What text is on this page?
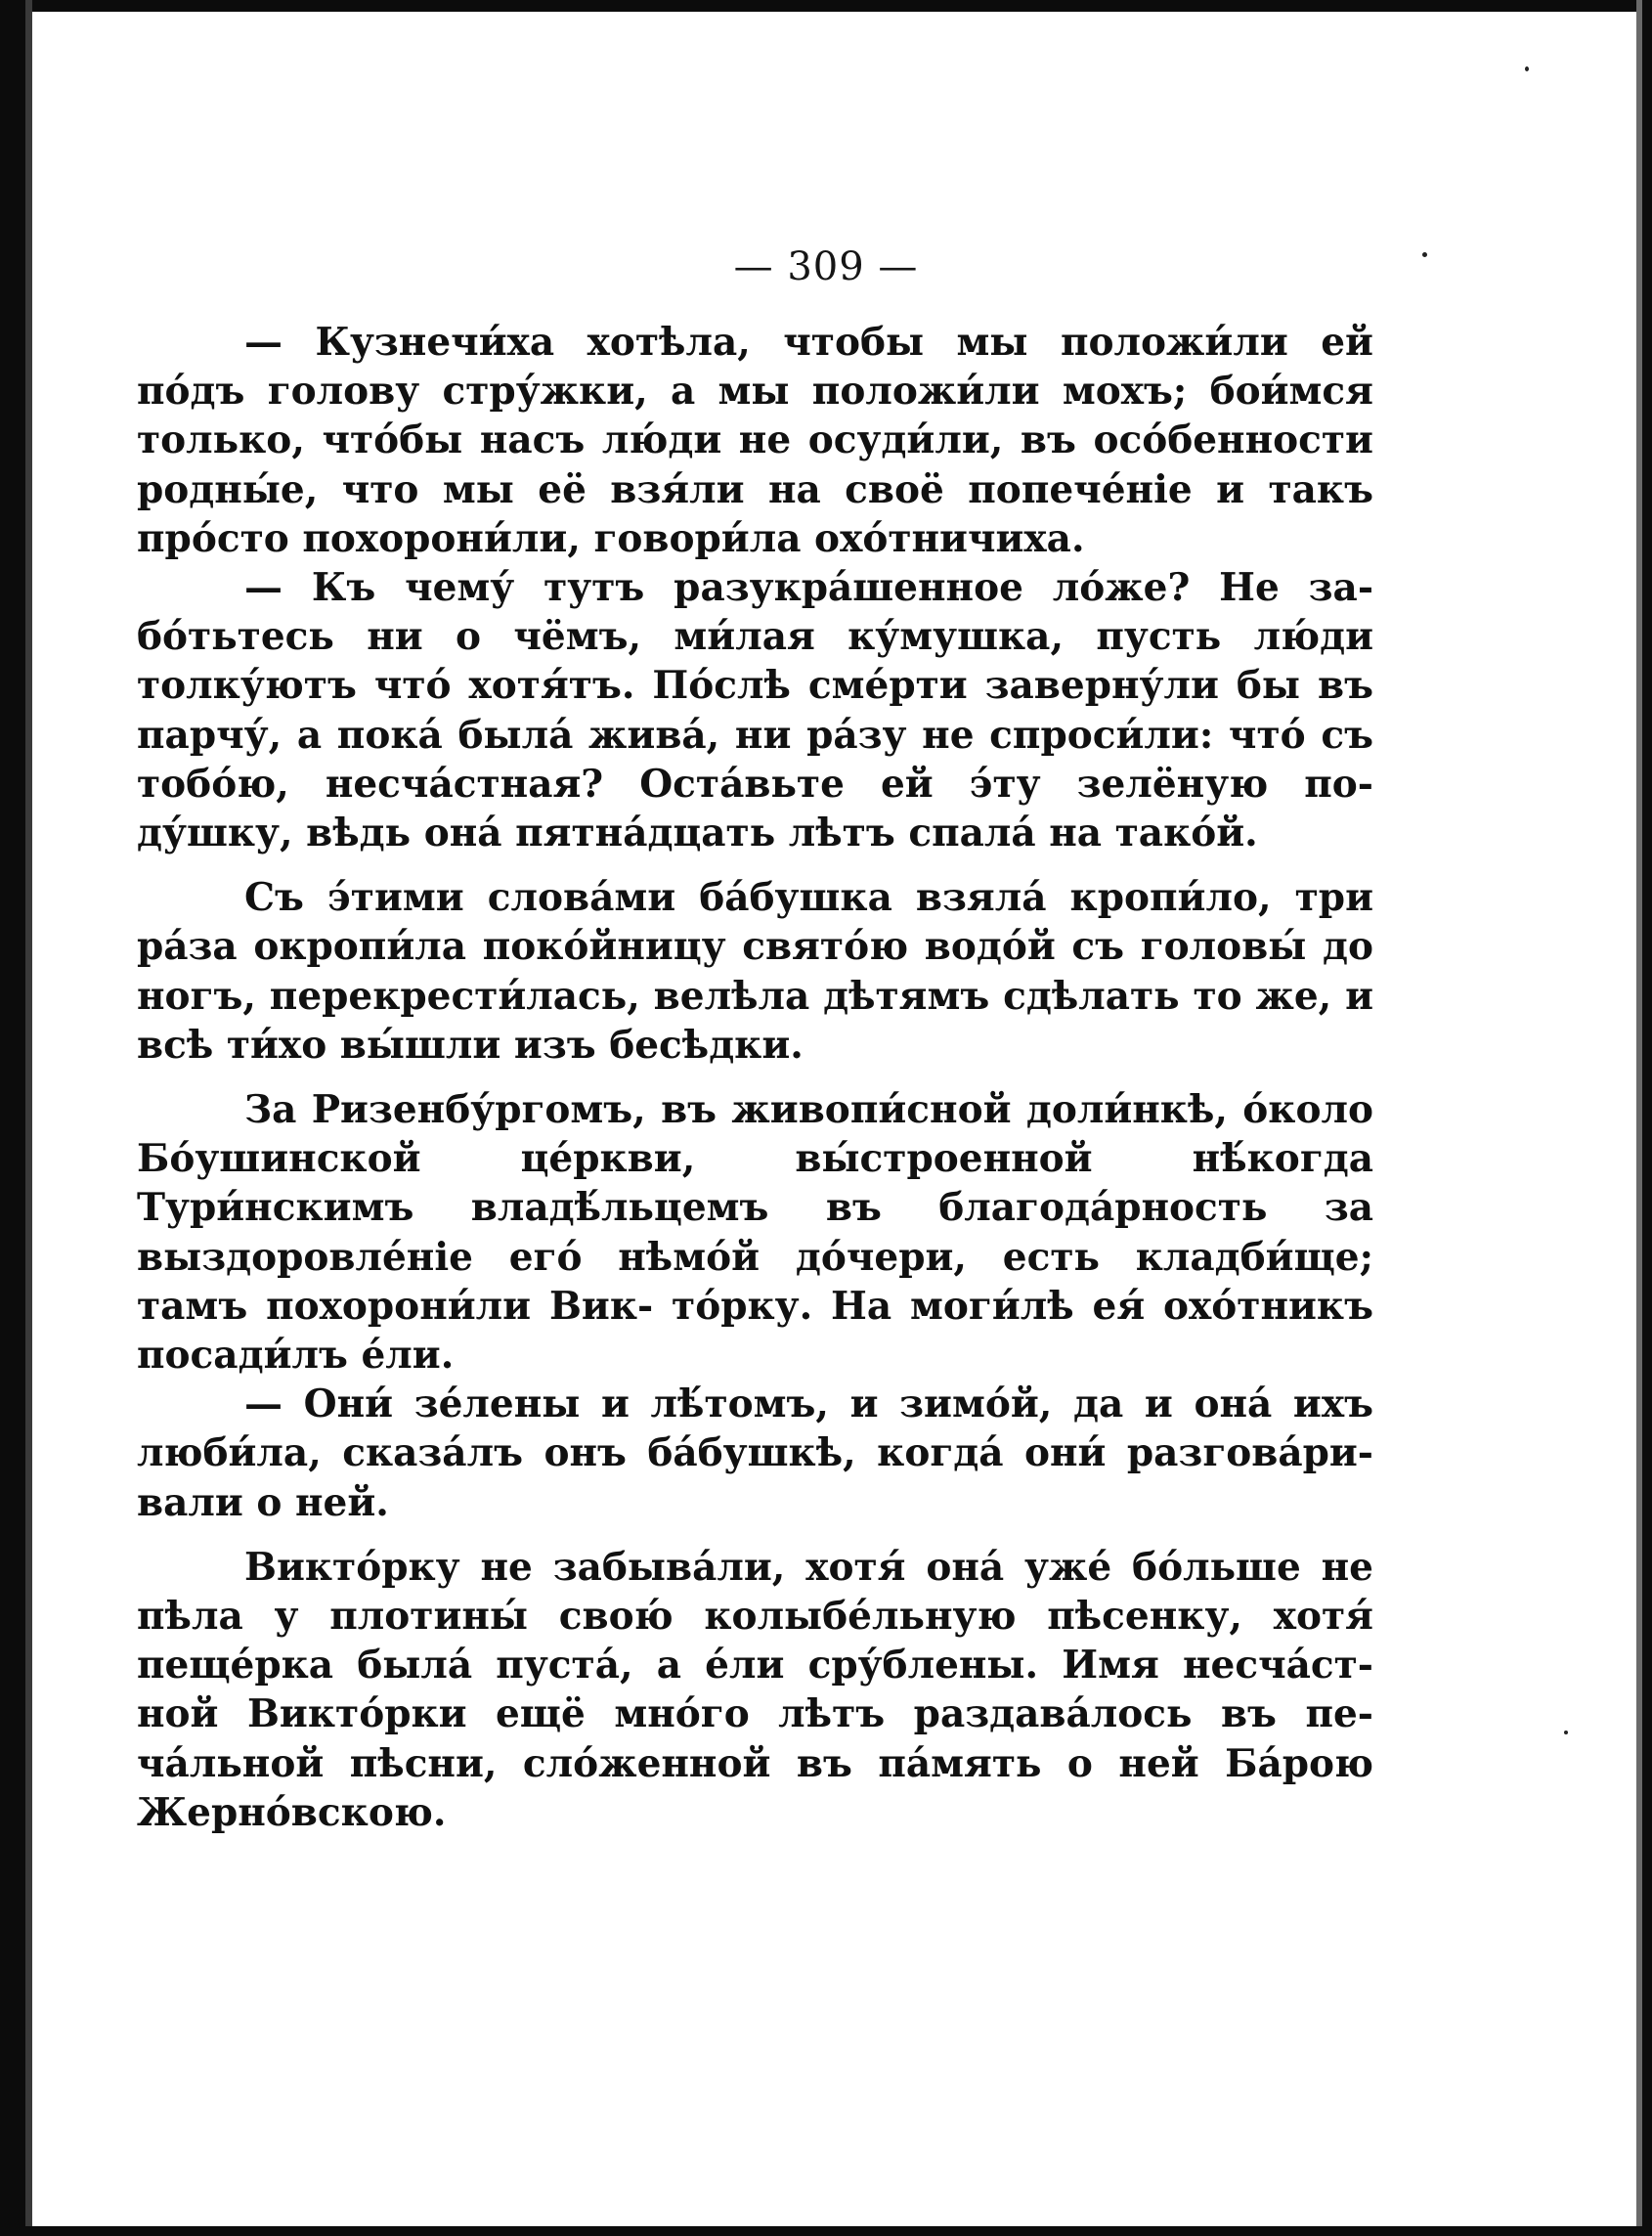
— 309 —

— Кузнечи́ха хотѣла, чтобы мы положи́ли ей по́дъ голову стру́жки, а мы положи́ли мохъ; бои́мся только, что́бы насъ лю́ди не осуди́ли, въ осо́бенности родны́е, что мы её взя́ли на своё попече́нiе и такъ про́сто похорони́ли, говори́ла охо́тничиха.

— Къ чему́ тутъ разукра́шенное ло́же? Не за- бо́тьтесь ни о чёмъ, ми́лая ку́мушка, пусть лю́ди толку́ютъ что́ хотя́тъ. По́слѣ сме́рти заверну́ли бы въ парчу́, а пока́ была́ жива́, ни ра́зу не спроси́ли: что́ съ тобо́ю, несча́стная? Оста́вьте ей э́ту зелёную по- ду́шку, вѣдь она́ пятна́дцать лѣтъ спала́ на тако́й.

Съ э́тими слова́ми ба́бушка взяла́ кропи́ло, три ра́за окропи́ла поко́йницу свято́ю водо́й съ головы́ до ногъ, перекрести́лась, велѣла дѣтямъ сдѣлать то же, и всѣ ти́хо вы́шли изъ бесѣдки.

За Ризенбу́ргомъ, въ живопи́сной доли́нкѣ, о́коло Бо́ушинской це́ркви, вы́строенной нѣ́когда Тури́нскимъ владѣ́льцемъ въ благода́рность за выздоровле́нiе его́ нѣмо́й до́чери, есть кладби́ще; тамъ похорони́ли Вик- то́рку. На моги́лѣ ея́ охо́тникъ посади́лъ е́ли.

— Они́ зе́лены и лѣ́томъ, и зимо́й, да и она́ ихъ люби́ла, сказа́лъ онъ ба́бушкѣ, когда́ они́ разгова́ри- вали о ней.

Викто́рку не забыва́ли, хотя́ она́ уже́ бо́льше не пѣла у плотины́ свою́ колыбе́льную пѣсенку, хотя́ пеще́рка была́ пуста́, а е́ли сру́блены. Имя несча́ст- ной Викто́рки ещё мно́го лѣтъ раздава́лось въ пе- ча́льной пѣсни, сло́женной въ па́мять о ней Ба́рою Жерно́вскою.
